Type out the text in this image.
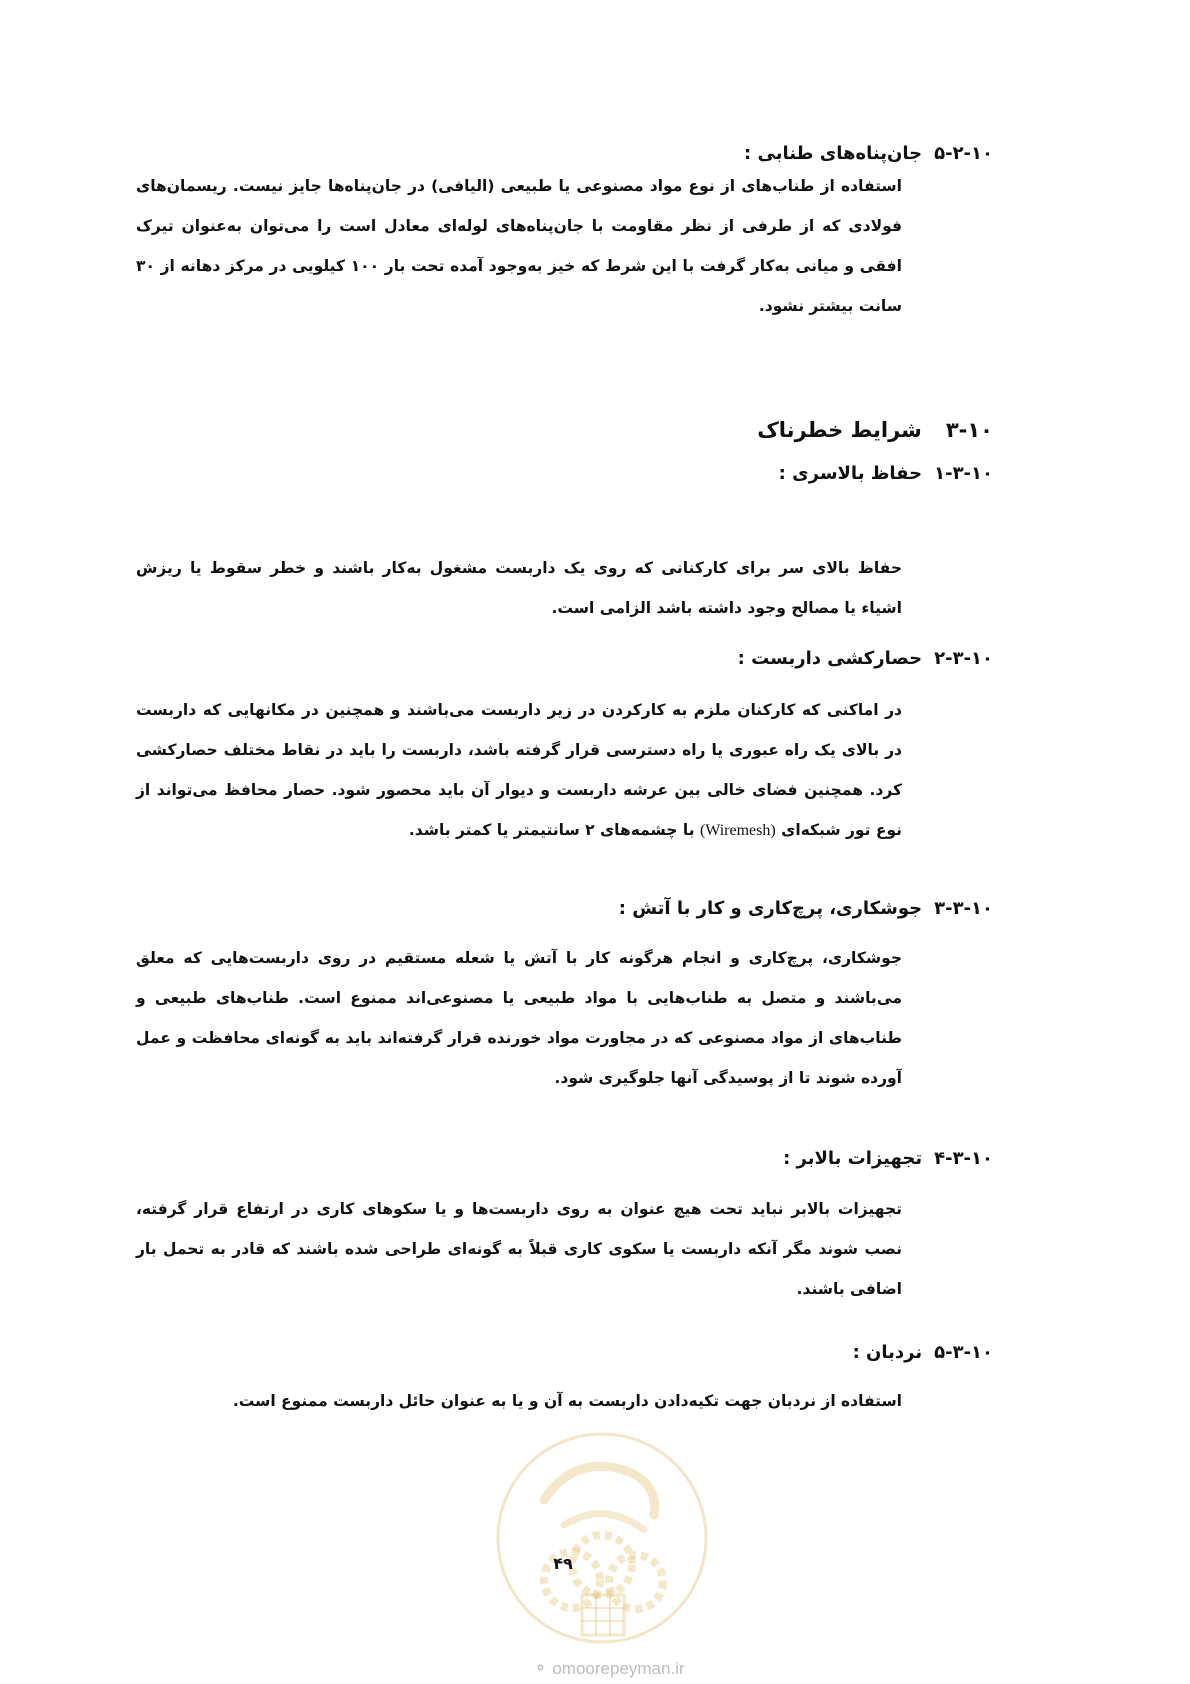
۵-۲-۱۰جان‌پناه‌های طنابی :
استفاده از طناب‌های از نوع مواد مصنوعی یا طبیعی (الیافی) در جان‌پناه‌ها جایز نیست. ریسمان‌های فولادی که از طرفی از نظر مقاومت با جان‌پناه‌های لوله‌ای معادل است را می‌توان به‌عنوان تیرک افقی و میانی به‌کار گرفت با این شرط که خیز به‌وجود آمده تحت بار ۱۰۰ کیلویی در مرکز دهانه از ۳۰ سانت بیشتر نشود.
۳-۱۰شرایط خطرناک
۱-۳-۱۰حفاظ بالاسری :
حفاظ بالای سر برای کارکنانی که روی یک داربست مشغول به‌کار باشند و خطر سقوط یا ریزش اشیاء یا مصالح وجود داشته باشد الزامی است.
۲-۳-۱۰حصارکشی داربست :
در اماکنی که کارکنان ملزم به کارکردن در زیر داربست می‌باشند و همچنین در مکانهایی که داربست در بالای یک راه عبوری یا راه دسترسی قرار گرفته باشد، داربست را باید در نقاط مختلف حصارکشی کرد. همچنین فضای خالی بین عرشه داربست و دیوار آن باید محصور شود. حصار محافظ می‌تواند از نوع تور شبکه‌ای (Wiremesh) با چشمه‌های ۲ سانتیمتر یا کمتر باشد.
۳-۳-۱۰جوشکاری، پرچ‌کاری و کار با آتش :
جوشکاری، پرچ‌کاری و انجام هرگونه کار با آتش یا شعله مستقیم در روی داربست‌هایی که معلق می‌باشند و متصل به طناب‌هایی با مواد طبیعی یا مصنوعی‌اند ممنوع است. طناب‌های طبیعی و طناب‌های از مواد مصنوعی که در مجاورت مواد خورنده قرار گرفته‌اند باید به گونه‌ای محافظت و عمل آورده شوند تا از پوسیدگی آنها جلوگیری شود.
۴-۳-۱۰تجهیزات بالابر :
تجهیزات بالابر نباید تحت هیچ عنوان به روی داربست‌ها و یا سکوهای کاری در ارتفاع قرار گرفته، نصب شوند مگر آنکه داربست یا سکوی کاری قبلاً به گونه‌ای طراحی شده باشند که قادر به تحمل بار اضافی باشند.
۵-۳-۱۰نردبان :
استفاده از نردبان جهت تکیه‌دادن داربست به آن و یا به عنوان حائل داربست ممنوع است.
۴۹
⚬ omoorepeyman.ir
